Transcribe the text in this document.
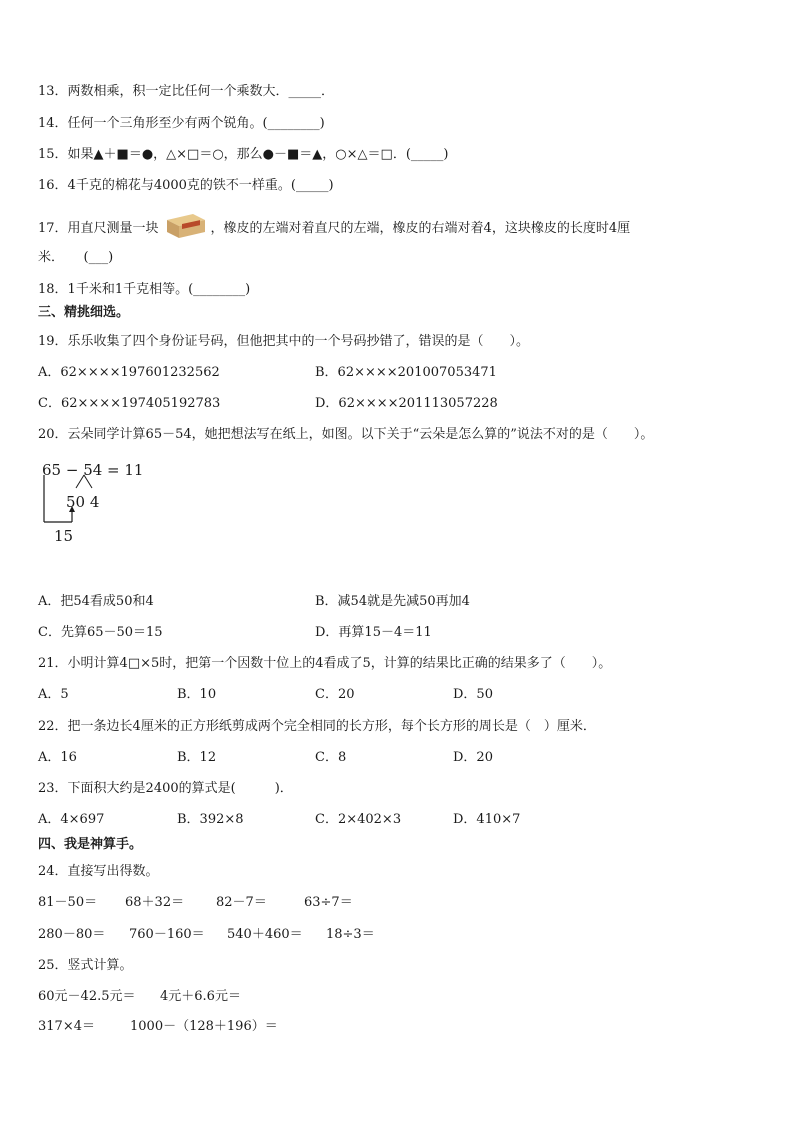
13．两数相乘，积一定比任何一个乘数大．_____．
14．任何一个三角形至少有两个锐角。(________)
15．如果▲＋■＝●，△×□＝○，那么●－■＝▲，○×△＝□．(_____)
16．4千克的棉花与4000克的铁不一样重。(_____)
17．用直尺测量一块	，橡皮的左端对着直尺的左端，橡皮的右端对着4，这块橡皮的长度时4厘
米．　　(___)
18．1千米和1千克相等。(________)
三、精挑细选。
19．乐乐收集了四个身份证号码，但他把其中的一个号码抄错了，错误的是（　　）。
A．62××××197601232562	B．62××××201007053471
C．62××××197405192783	D．62××××201113057228
20．云朵同学计算65－54，她把想法写在纸上，如图。以下关于“云朵是怎么算的”说法不对的是（　　）。
65 − 54 = 11
50 4
15
A．把54看成50和4	B．减54就是先减50再加4
C．先算65－50＝15	D．再算15－4＝11
21．小明计算4□×5时，把第一个因数十位上的4看成了5，计算的结果比正确的结果多了（　　）。
A．5	B．10	C．20	D．50
22．把一条边长4厘米的正方形纸剪成两个完全相同的长方形，每个长方形的周长是（　）厘米．
A．16	B．12	C．8	D．20
23．下面积大约是2400的算式是(　　　)．
A．4×697	B．392×8	C．2×402×3	D．410×7
四、我是神算手。
24．直接写出得数。
81－50＝ 68＋32＝ 82－7＝	63÷7＝
280－80＝ 760－160＝ 540＋460＝ 18÷3＝
25．竖式计算。
60元－42.5元＝ 4元＋6.6元＝
317×4＝	1000－（128＋196）＝
